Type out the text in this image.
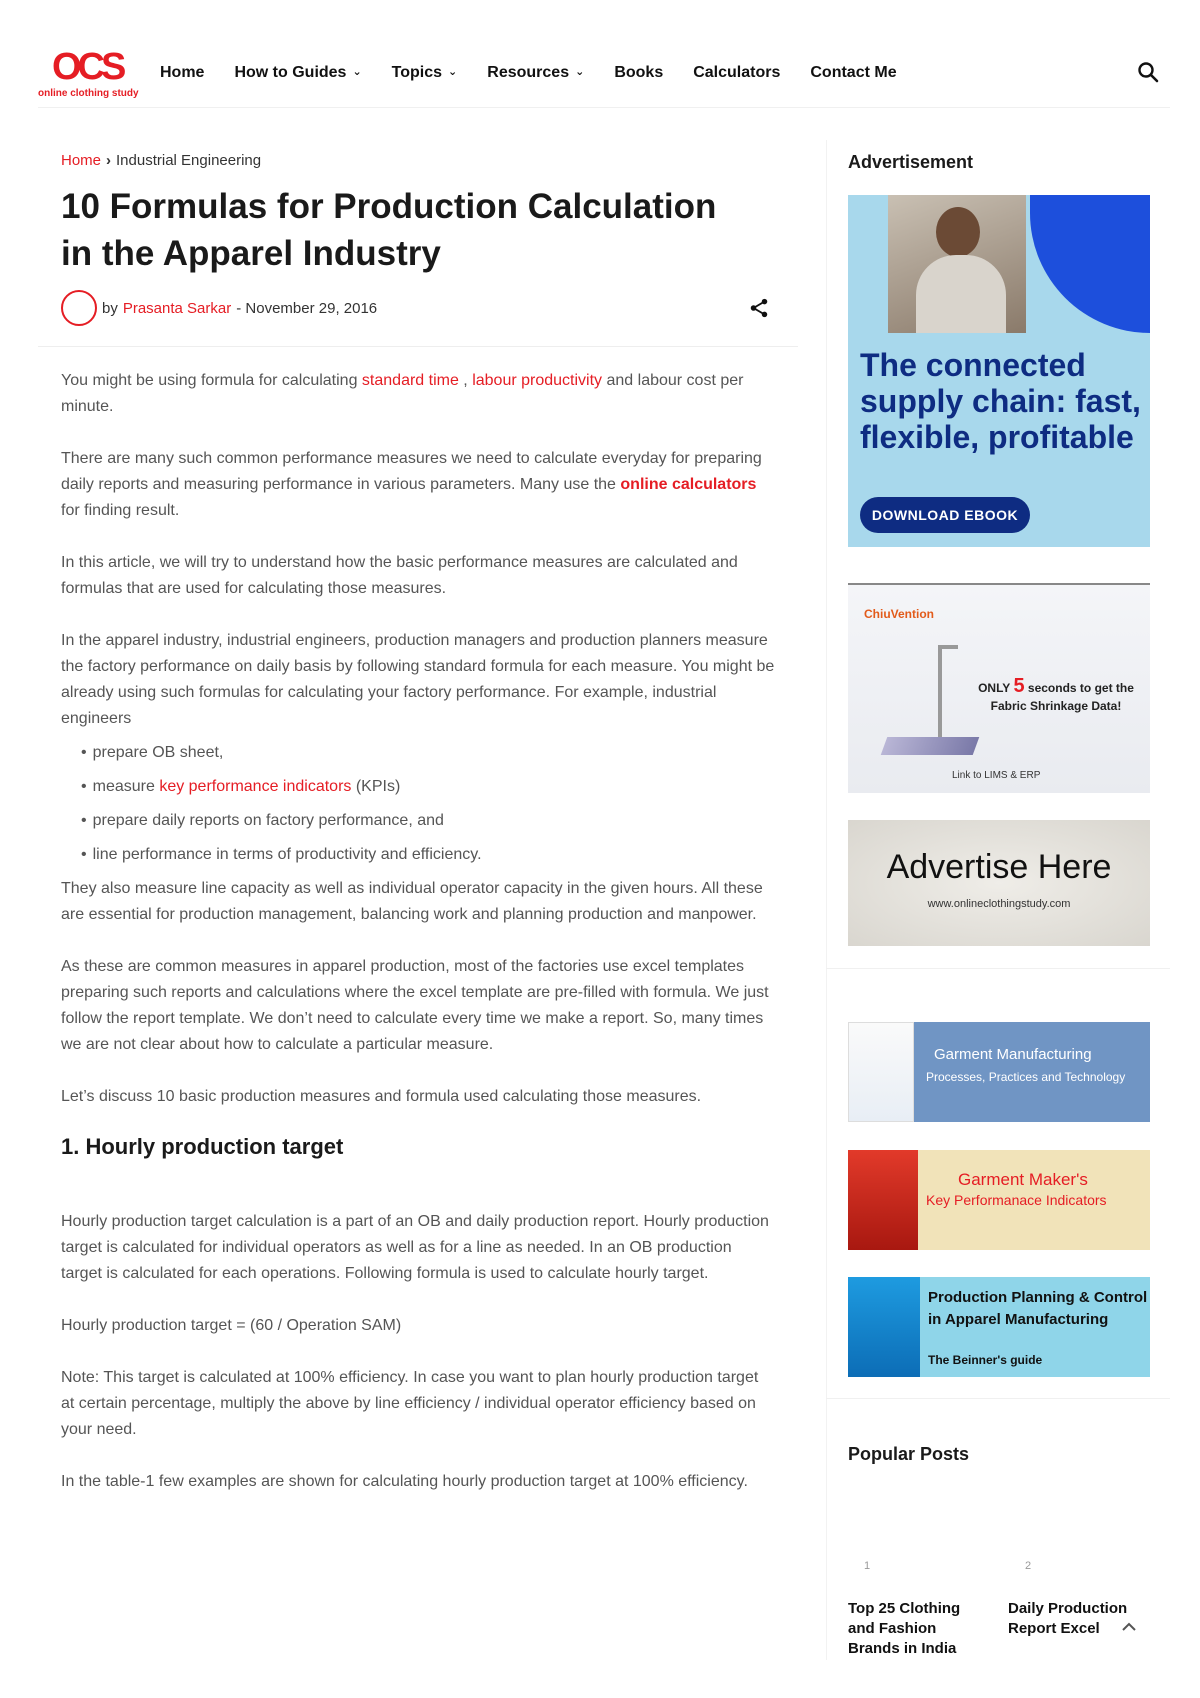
OCS
online clothing study
Home How to Guides ⌄ Topics ⌄ Resources ⌄ Books Calculators Contact Me
Home › Industrial Engineering
10 Formulas for Production Calculation in the Apparel Industry
by Prasanta Sarkar -
November 29, 2016

You might be using formula for calculating standard time , labour productivity and labour cost per minute.

There are many such common performance measures we need to calculate everyday for preparing daily reports and measuring performance in various parameters. Many use the online calculators for finding result.

In this article, we will try to understand how the basic performance measures are calculated and formulas that are used for calculating those measures.

In the apparel industry, industrial engineers, production managers and production planners measure the factory performance on daily basis by following standard formula for each measure. You might be already using such formulas for calculating your factory performance. For example, industrial engineers

• prepare OB sheet,
• measure key performance indicators (KPIs)
• prepare daily reports on factory performance, and
• line performance in terms of productivity and efficiency.

They also measure line capacity as well as individual operator capacity in the given hours. All these are essential for production management, balancing work and planning production and manpower.

As these are common measures in apparel production, most of the factories use excel templates preparing such reports and calculations where the excel template are pre-filled with formula. We just follow the report template. We don’t need to calculate every time we make a report. So, many times we are not clear about how to calculate a particular measure.

Let’s discuss 10 basic production measures and formula used calculating those measures.

1. Hourly production target

Hourly production target calculation is a part of an OB and daily production report. Hourly production target is calculated for individual operators as well as for a line as needed. In an OB production target is calculated for each operations. Following formula is used to calculate hourly target.

Hourly production target = (60 / Operation SAM)

Note: This target is calculated at 100% efficiency. In case you want to plan hourly production target at certain percentage, multiply the above by line efficiency / individual operator efficiency based on your need.

In the table-1 few examples are shown for calculating hourly production target at 100% efficiency.

Advertisement
The connected supply chain: fast, flexible, profitable
DOWNLOAD EBOOK
ChiuVention
ONLY 5 seconds to get the Fabric Shrinkage Data!
Link to LIMS & ERP
Advertise Here
www.onlineclothingstudy.com
Garment Manufacturing
Processes, Practices and Technology
Garment Maker's
Key Performanace Indicators
Production Planning & Control in Apparel Manufacturing
The Beinner's guide
Popular Posts
1
Top 25 Clothing and Fashion Brands in India
2
Daily Production Report Excel
